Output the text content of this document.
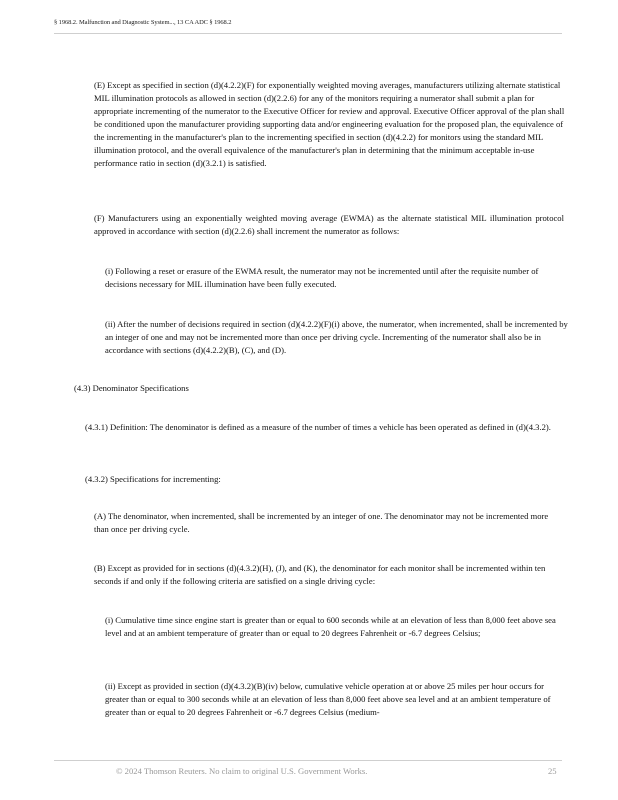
§ 1968.2. Malfunction and Diagnostic System..., 13 CA ADC § 1968.2

(E) Except as specified in section (d)(4.2.2)(F) for exponentially weighted moving averages, manufacturers utilizing alternate statistical MIL illumination protocols as allowed in section (d)(2.2.6) for any of the monitors requiring a numerator shall submit a plan for appropriate incrementing of the numerator to the Executive Officer for review and approval. Executive Officer approval of the plan shall be conditioned upon the manufacturer providing supporting data and/or engineering evaluation for the proposed plan, the equivalence of the incrementing in the manufacturer's plan to the incrementing specified in section (d)(4.2.2) for monitors using the standard MIL illumination protocol, and the overall equivalence of the manufacturer's plan in determining that the minimum acceptable in-use performance ratio in section (d)(3.2.1) is satisfied.

(F) Manufacturers using an exponentially weighted moving average (EWMA) as the alternate statistical MIL illumination protocol approved in accordance with section (d)(2.2.6) shall increment the numerator as follows:

(i) Following a reset or erasure of the EWMA result, the numerator may not be incremented until after the requisite number of decisions necessary for MIL illumination have been fully executed.

(ii) After the number of decisions required in section (d)(4.2.2)(F)(i) above, the numerator, when incremented, shall be incremented by an integer of one and may not be incremented more than once per driving cycle. Incrementing of the numerator shall also be in accordance with sections (d)(4.2.2)(B), (C), and (D).

(4.3) Denominator Specifications

(4.3.1) Definition: The denominator is defined as a measure of the number of times a vehicle has been operated as defined in (d)(4.3.2).

(4.3.2) Specifications for incrementing:

(A) The denominator, when incremented, shall be incremented by an integer of one. The denominator may not be incremented more than once per driving cycle.

(B) Except as provided for in sections (d)(4.3.2)(H), (J), and (K), the denominator for each monitor shall be incremented within ten seconds if and only if the following criteria are satisfied on a single driving cycle:

(i) Cumulative time since engine start is greater than or equal to 600 seconds while at an elevation of less than 8,000 feet above sea level and at an ambient temperature of greater than or equal to 20 degrees Fahrenheit or -6.7 degrees Celsius;

(ii) Except as provided in section (d)(4.3.2)(B)(iv) below, cumulative vehicle operation at or above 25 miles per hour occurs for greater than or equal to 300 seconds while at an elevation of less than 8,000 feet above sea level and at an ambient temperature of greater than or equal to 20 degrees Fahrenheit or -6.7 degrees Celsius (medium-

© 2024 Thomson Reuters. No claim to original U.S. Government Works.	25
